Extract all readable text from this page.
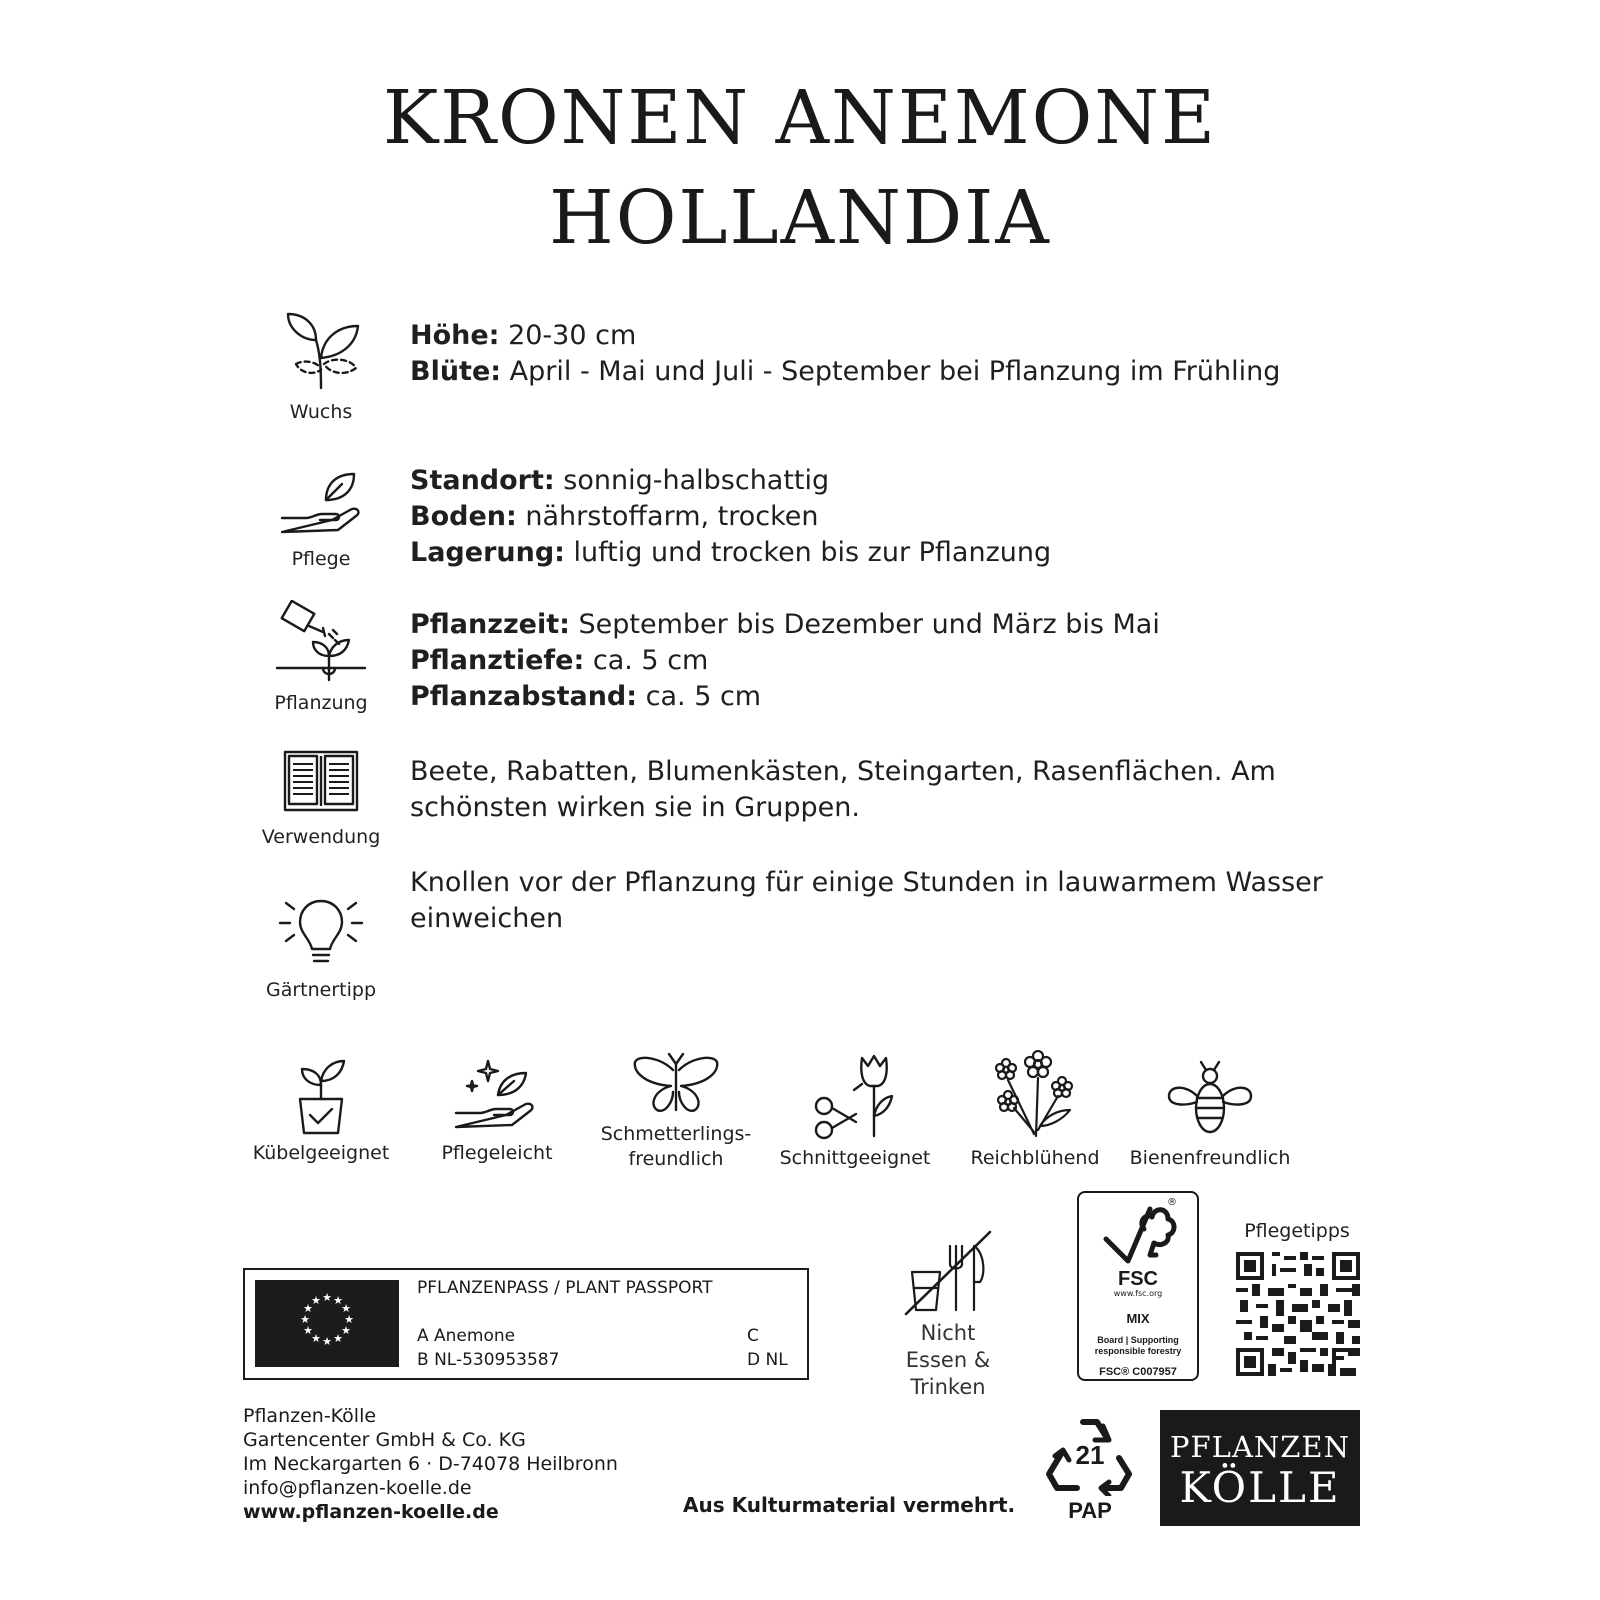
KRONEN ANEMONE
HOLLANDIA
Wuchs
Höhe: 20-30 cm
Blüte: April - Mai und Juli - September bei Pflanzung im Frühling
Pflege
Standort: sonnig-halbschattig
Boden: nährstoffarm, trocken
Lagerung: luftig und trocken bis zur Pflanzung
Pflanzung
Pflanzzeit: September bis Dezember und März bis Mai
Pflanztiefe: ca. 5 cm
Pflanzabstand: ca. 5 cm
Verwendung
Beete, Rabatten, Blumenkästen, Steingarten, Rasenflächen. Am schönsten wirken sie in Gruppen.
Gärtnertipp
Knollen vor der Pflanzung für einige Stunden in lauwarmem Wasser einweichen
Kübelgeeignet	Pflegeleicht
Schmetterlings-
freundlich	Schnittgeeignet	Reichblühend	Bienenfreundlich
★ ★
★
★
★
★
★
★
★
★
★
★
PFLANZENPASS / PLANT PASSPORT
A Anemone
B NL-530953587
C
D NL
Nicht
Essen & Trinken
®
FSC
www.fsc.org
MIX
Board | Supporting
responsible forestry
FSC® C007957
Pflegetipps
Pflanzen-Kölle
Gartencenter GmbH & Co. KG
Im Neckargarten 6 · D-74078 Heilbronn
info@pflanzen-koelle.de
www.pflanzen-koelle.de	Aus Kulturmaterial vermehrt.
21
PAP
PFLANZEN
KÖLLE
